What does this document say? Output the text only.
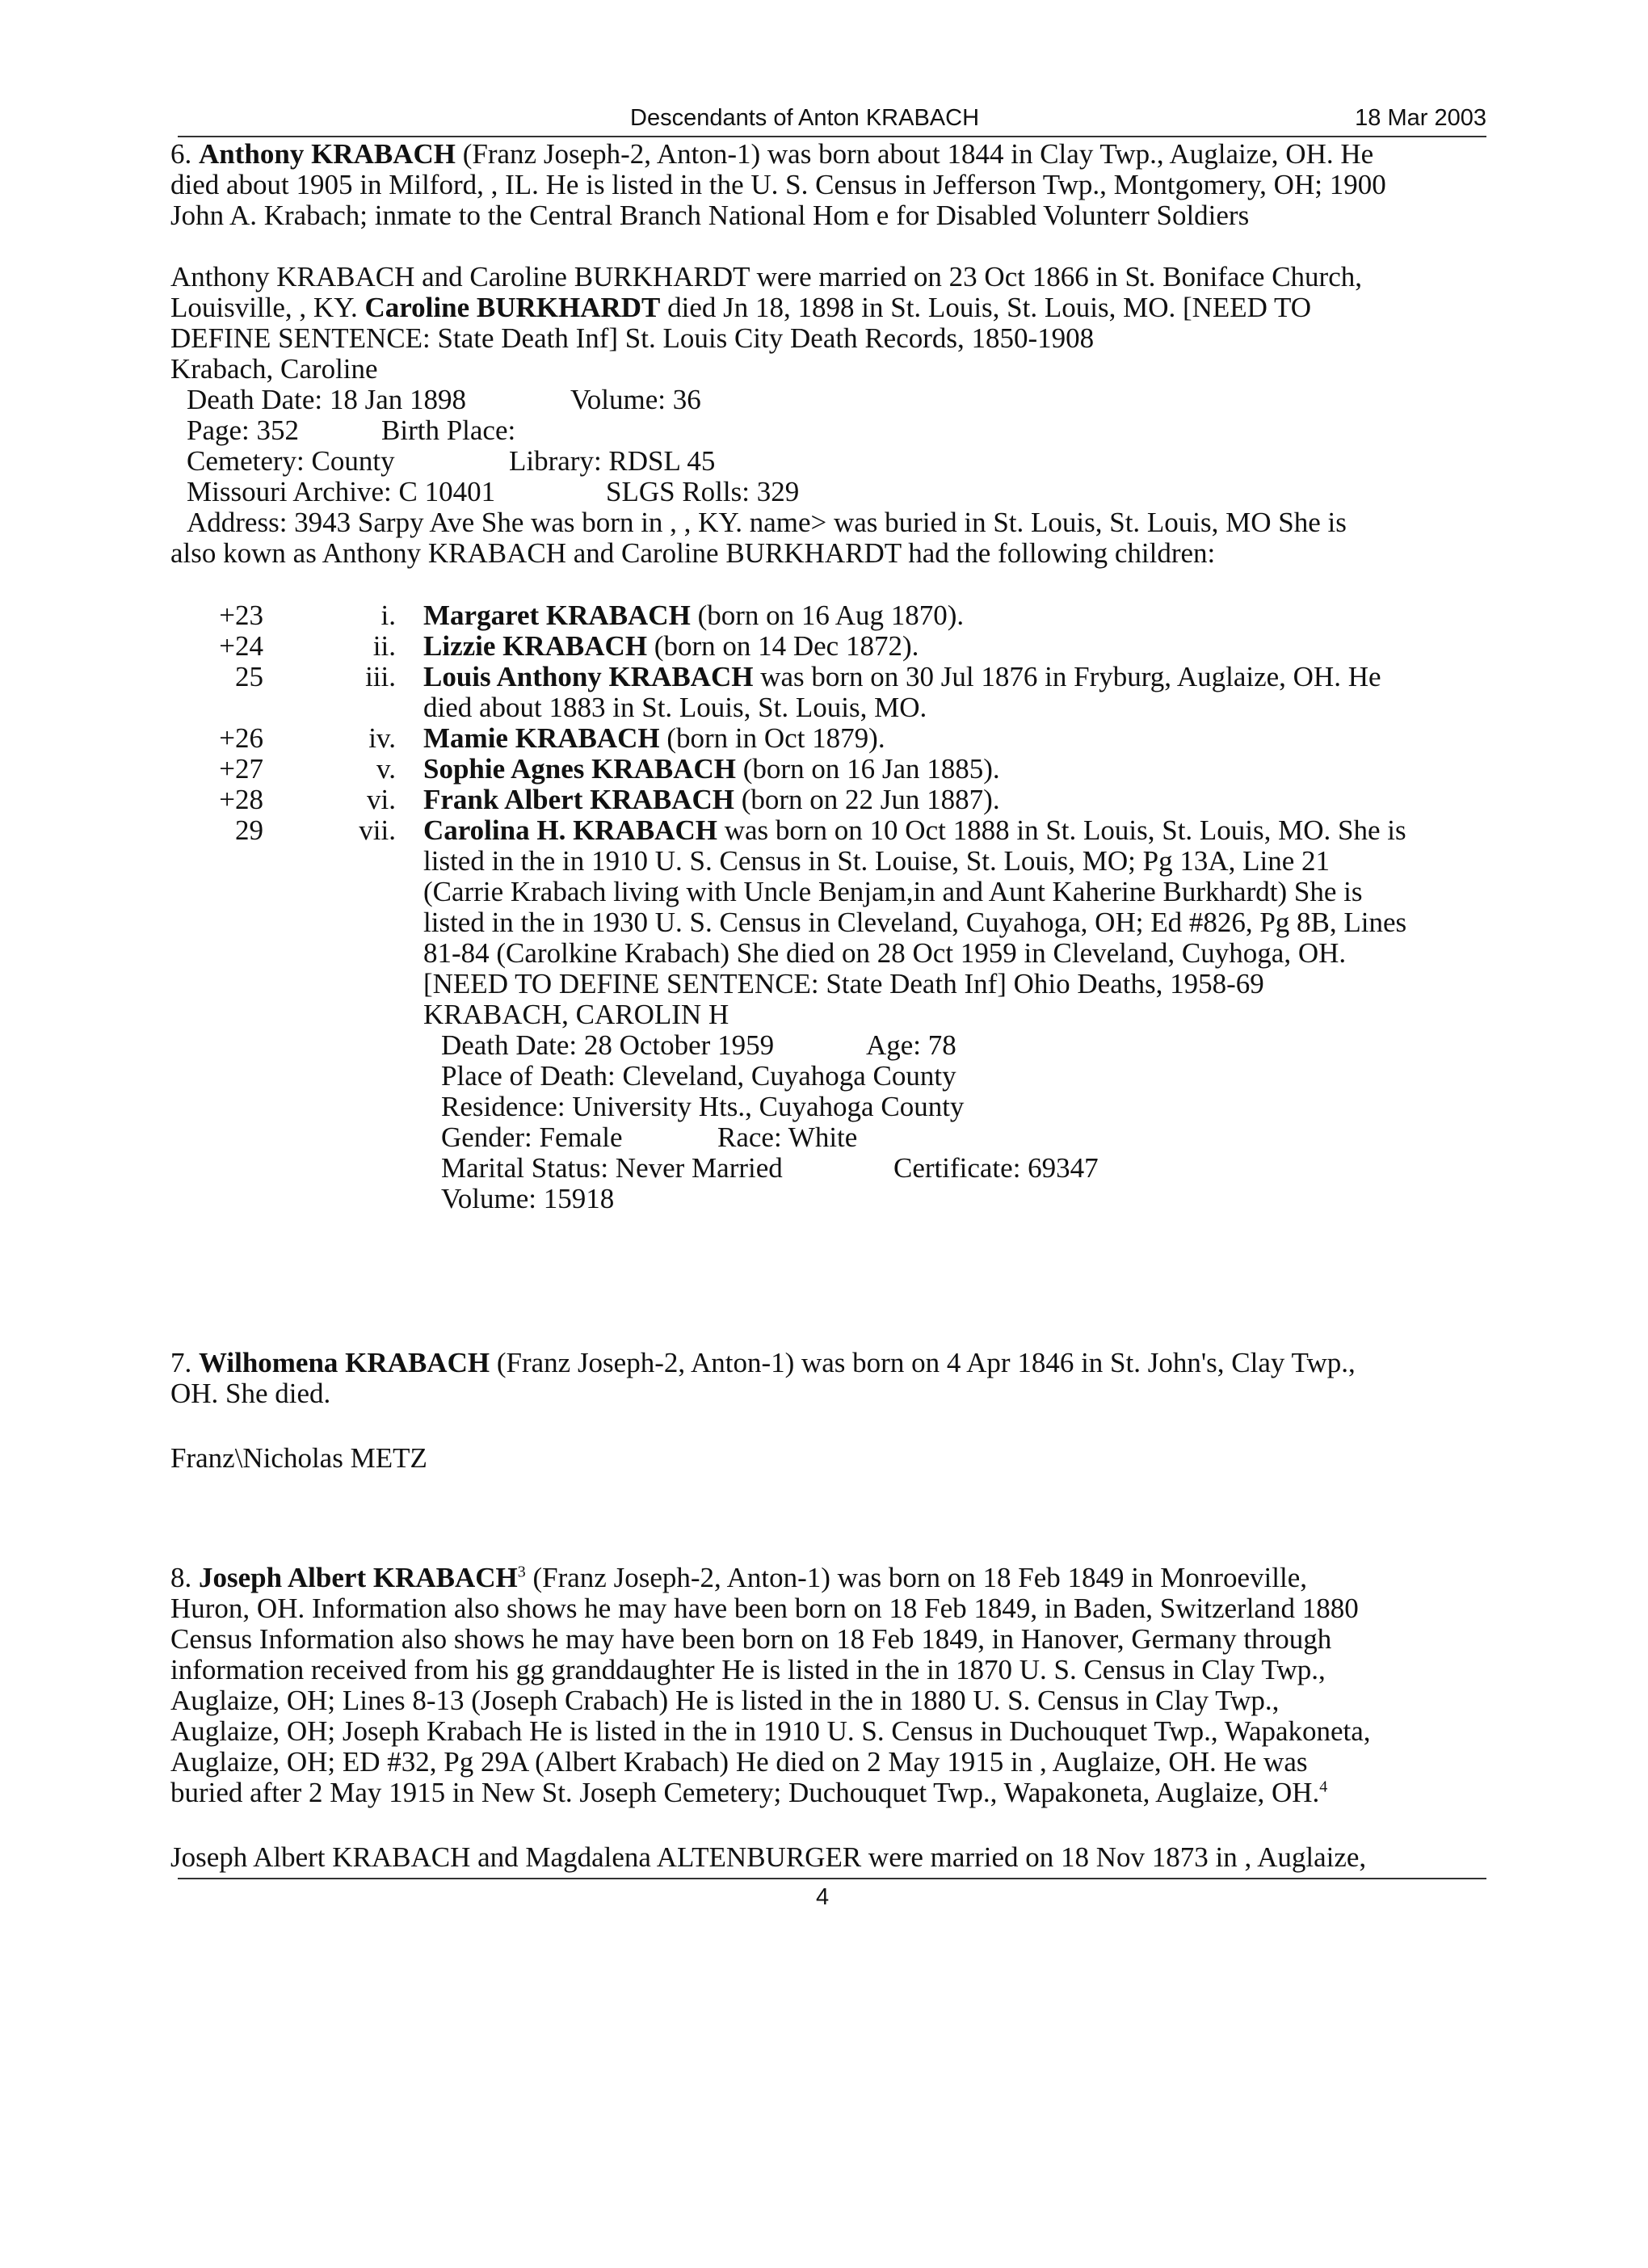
Descendants of Anton KRABACH	18 Mar 2003
6. Anthony KRABACH (Franz Joseph-2, Anton-1) was born about 1844 in Clay Twp., Auglaize, OH. He
died about 1905 in Milford, , IL. He is listed in the U. S. Census in Jefferson Twp., Montgomery, OH; 1900
John A. Krabach; inmate to the Central Branch National Hom e for Disabled Volunterr Soldiers
Anthony KRABACH and Caroline BURKHARDT were married on 23 Oct 1866 in St. Boniface Church,
Louisville, , KY. Caroline BURKHARDT died Jn 18, 1898 in St. Louis, St. Louis, MO. [NEED TO
DEFINE SENTENCE: State Death Inf] St. Louis City Death Records, 1850-1908
Krabach, Caroline
Death Date: 18 Jan 1898	Volume: 36
Page: 352	Birth Place:
Cemetery: County	Library: RDSL 45
Missouri Archive: C 10401	SLGS Rolls: 329
Address: 3943 Sarpy Ave She was born in , , KY. name> was buried in St. Louis, St. Louis, MO She is
also kown as Anthony KRABACH and Caroline BURKHARDT had the following children:
+23	i. Margaret KRABACH (born on 16 Aug 1870).
+24	ii. Lizzie KRABACH (born on 14 Dec 1872).
25	iii. Louis Anthony KRABACH was born on 30 Jul 1876 in Fryburg, Auglaize, OH. He
died about 1883 in St. Louis, St. Louis, MO.
+26	iv. Mamie KRABACH (born in Oct 1879).
+27	v. Sophie Agnes KRABACH (born on 16 Jan 1885).
+28	vi. Frank Albert KRABACH (born on 22 Jun 1887).
29	vii. Carolina H. KRABACH was born on 10 Oct 1888 in St. Louis, St. Louis, MO. She is
listed in the in 1910 U. S. Census in St. Louise, St. Louis, MO; Pg 13A, Line 21
(Carrie Krabach living with Uncle Benjam,in and Aunt Kaherine Burkhardt) She is
listed in the in 1930 U. S. Census in Cleveland, Cuyahoga, OH; Ed #826, Pg 8B, Lines
81-84 (Carolkine Krabach) She died on 28 Oct 1959 in Cleveland, Cuyhoga, OH.
[NEED TO DEFINE SENTENCE: State Death Inf] Ohio Deaths, 1958-69
KRABACH, CAROLIN H
Death Date: 28 October 1959	Age: 78
Place of Death: Cleveland, Cuyahoga County
Residence: University Hts., Cuyahoga County
Gender: Female	Race: White
Marital Status: Never Married	Certificate: 69347
Volume: 15918
7. Wilhomena KRABACH (Franz Joseph-2, Anton-1) was born on 4 Apr 1846 in St. John's, Clay Twp.,
OH. She died.
Franz\Nicholas METZ
8. Joseph Albert KRABACH$^3$ (Franz Joseph-2, Anton-1) was born on 18 Feb 1849 in Monroeville,
Huron, OH. Information also shows he may have been born on 18 Feb 1849, in Baden, Switzerland 1880
Census Information also shows he may have been born on 18 Feb 1849, in Hanover, Germany through
information received from his gg granddaughter He is listed in the in 1870 U. S. Census in Clay Twp.,
Auglaize, OH; Lines 8-13 (Joseph Crabach) He is listed in the in 1880 U. S. Census in Clay Twp.,
Auglaize, OH; Joseph Krabach He is listed in the in 1910 U. S. Census in Duchouquet Twp., Wapakoneta,
Auglaize, OH; ED #32, Pg 29A (Albert Krabach) He died on 2 May 1915 in , Auglaize, OH. He was
buried after 2 May 1915 in New St. Joseph Cemetery; Duchouquet Twp., Wapakoneta, Auglaize, OH.$^4$
Joseph Albert KRABACH and Magdalena ALTENBURGER were married on 18 Nov 1873 in , Auglaize,
4
